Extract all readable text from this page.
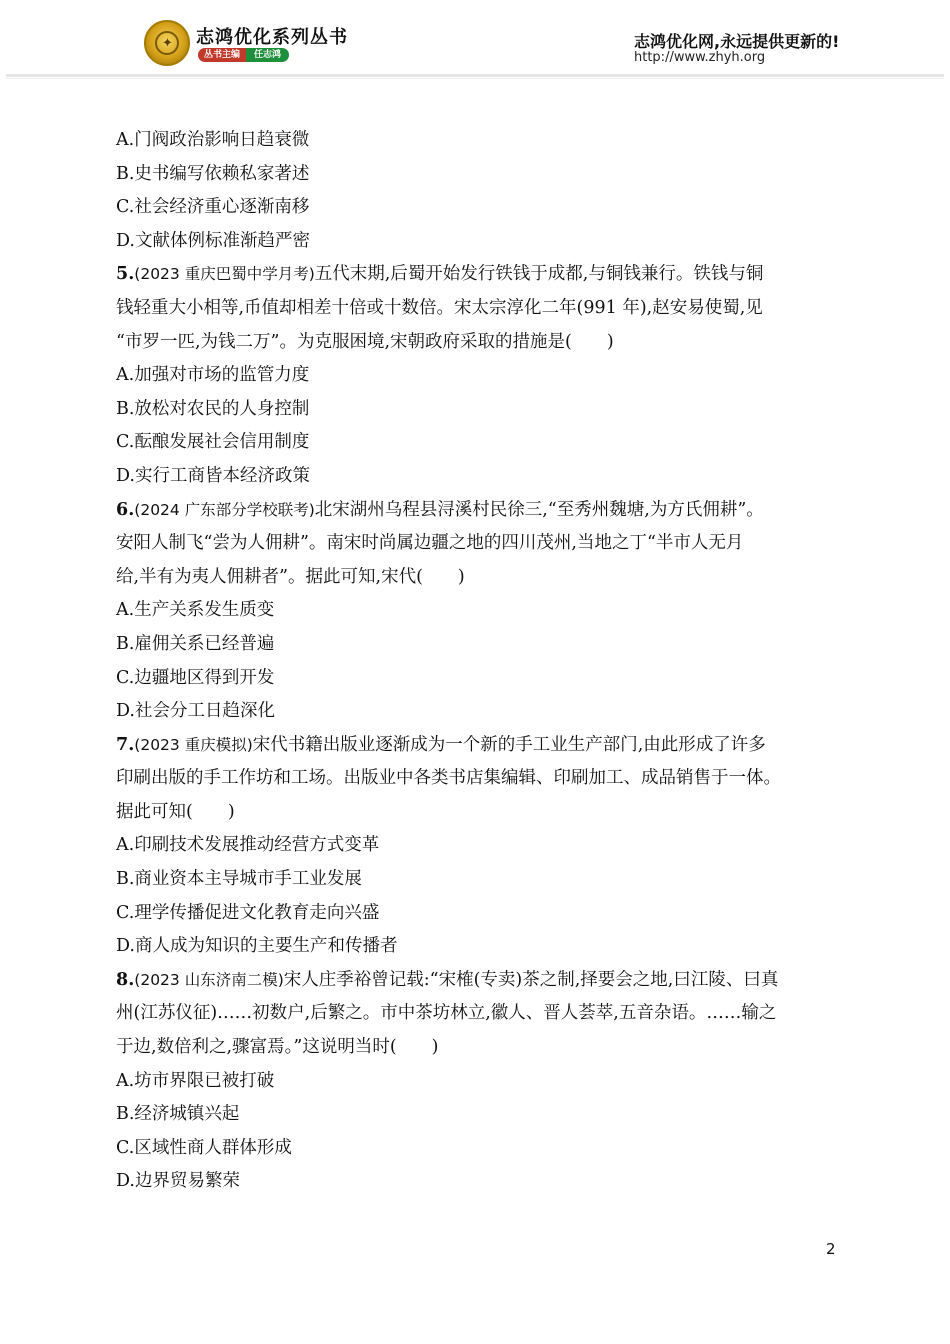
✦ 志鸿优化系列丛书
丛书主编	任志鸿
志鸿优化网,永远提供更新的!
http://www.zhyh.org

A.门阀政治影响日趋衰微

B.史书编写依赖私家著述

C.社会经济重心逐渐南移

D.文献体例标准渐趋严密

5.(2023 重庆巴蜀中学月考)五代末期,后蜀开始发行铁钱于成都,与铜钱兼行。铁钱与铜

钱轻重大小相等,币值却相差十倍或十数倍。宋太宗淳化二年(991 年),赵安易使蜀,见

“市罗一匹,为钱二万”。为克服困境,宋朝政府采取的措施是(　　)

A.加强对市场的监管力度

B.放松对农民的人身控制

C.酝酿发展社会信用制度

D.实行工商皆本经济政策

6.(2024 广东部分学校联考)北宋湖州乌程县浔溪村民徐三,“至秀州魏塘,为方氏佣耕”。

安阳人制飞“尝为人佣耕”。南宋时尚属边疆之地的四川茂州,当地之丁“半市人无月

给,半有为夷人佣耕者”。据此可知,宋代(　　)

A.生产关系发生质变

B.雇佣关系已经普遍

C.边疆地区得到开发

D.社会分工日趋深化

7.(2023 重庆模拟)宋代书籍出版业逐渐成为一个新的手工业生产部门,由此形成了许多

印刷出版的手工作坊和工场。出版业中各类书店集编辑、印刷加工、成品销售于一体。

据此可知(　　)

A.印刷技术发展推动经营方式变革

B.商业资本主导城市手工业发展

C.理学传播促进文化教育走向兴盛

D.商人成为知识的主要生产和传播者

8.(2023 山东济南二模)宋人庄季裕曾记载:“宋榷(专卖)茶之制,择要会之地,曰江陵、曰真

州(江苏仪征)……初数户,后繁之。市中茶坊林立,徽人、晋人荟萃,五音杂语。……输之

于边,数倍利之,骤富焉。”这说明当时(　　)

A.坊市界限已被打破

B.经济城镇兴起

C.区域性商人群体形成

D.边界贸易繁荣

2
